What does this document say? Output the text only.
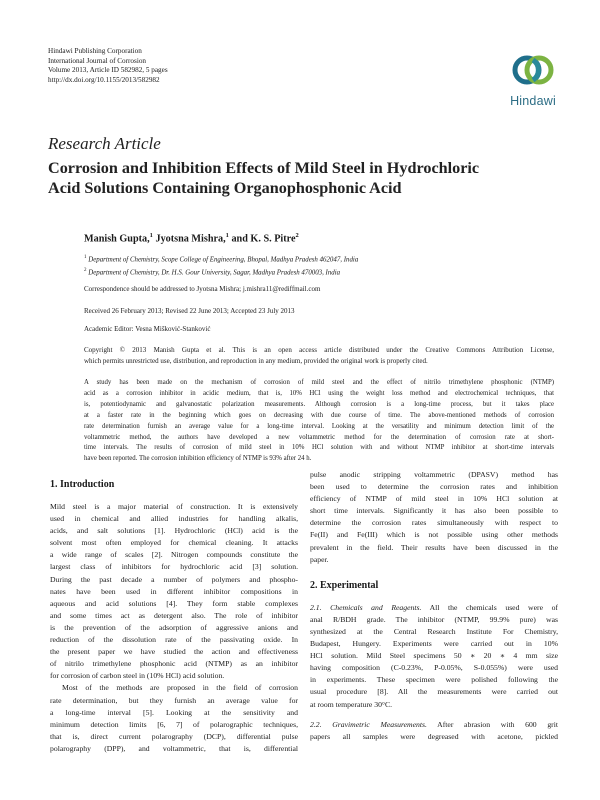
Hindawi Publishing Corporation
International Journal of Corrosion
Volume 2013, Article ID 582982, 5 pages
http://dx.doi.org/10.1155/2013/582982
Hindawi
Research Article
Corrosion and Inhibition Effects of Mild Steel in Hydrochloric
Acid Solutions Containing Organophosphonic Acid
Manish Gupta,$^1$ Jyotsna Mishra,$^1$ and K. S. Pitre$^2$
$^1$ Department of Chemistry, Scope College of Engineering, Bhopal, Madhya Pradesh 462047, India
$^2$ Department of Chemistry, Dr. H.S. Gour University, Sagar, Madhya Pradesh 470003, India
Correspondence should be addressed to Jyotsna Mishra; j.mishra11@rediffmail.com
Received 26 February 2013; Revised 22 June 2013; Accepted 23 July 2013
Academic Editor: Vesna Mišković-Stanković
Copyright © 2013 Manish Gupta et al. This is an open access article distributed under the Creative Commons Attribution License,
which permits unrestricted use, distribution, and reproduction in any medium, provided the original work is properly cited.
A study has been made on the mechanism of corrosion of mild steel and the effect of nitrilo trimethylene phosphonic (NTMP)
acid as a corrosion inhibitor in acidic medium, that is, 10% HCl using the weight loss method and electrochemical techniques, that
is, potentiodynamic and galvanostatic polarization measurements. Although corrosion is a long-time process, but it takes place
at a faster rate in the beginning which goes on decreasing with due course of time. The above-mentioned methods of corrosion
rate determination furnish an average value for a long-time interval. Looking at the versatility and minimum detection limit of the
voltammetric method, the authors have developed a new voltammetric method for the determination of corrosion rate at short-
time intervals. The results of corrosion of mild steel in 10% HCl solution with and without NTMP inhibitor at short-time intervals
have been reported. The corrosion inhibition efficiency of NTMP is 93% after 24 h.
1. Introduction
Mild steel is a major material of construction. It is extensively
used in chemical and allied industries for handling alkalis,
acids, and salt solutions [1]. Hydrochloric (HCl) acid is the
solvent most often employed for chemical cleaning. It attacks
a wide range of scales [2]. Nitrogen compounds constitute the
largest class of inhibitors for hydrochloric acid [3] solution.
During the past decade a number of polymers and phospho-
nates have been used in different inhibitor compositions in
aqueous and acid solutions [4]. They form stable complexes
and some times act as detergent also. The role of inhibitor
is the prevention of the adsorption of aggressive anions and
reduction of the dissolution rate of the passivating oxide. In
the present paper we have studied the action and effectiveness
of nitrilo trimethylene phosphonic acid (NTMP) as an inhibitor
for corrosion of carbon steel in (10% HCl) acid solution.
Most of the methods are proposed in the field of corrosion
rate determination, but they furnish an average value for
a long-time interval [5]. Looking at the sensitivity and
minimum detection limits [6, 7] of polarographic techniques,
that is, direct current polarography (DCP), differential pulse
polarography (DPP), and voltammetric, that is, differential
pulse anodic stripping voltammetric (DPASV) method has
been used to determine the corrosion rates and inhibition
efficiency of NTMP of mild steel in 10% HCl solution at
short time intervals. Significantly it has also been possible to
determine the corrosion rates simultaneously with respect to
Fe(II) and Fe(III) which is not possible using other methods
prevalent in the field. Their results have been discussed in the
paper.
2. Experimental
2.1. Chemicals and Reagents. All the chemicals used were of
anal R/BDH grade. The inhibitor (NTMP, 99.9% pure) was
synthesized at the Central Research Institute For Chemistry,
Budapest, Hungery. Experiments were carried out in 10%
HCl solution. Mild Steel specimens 50 ∗ 20 ∗ 4 mm size
having composition (C-0.23%, P-0.05%, S-0.055%) were used
in experiments. These specimen were polished following the
usual procedure [8]. All the measurements were carried out
at room temperature 30°C.
2.2. Gravimetric Measurements. After abrasion with 600 grit
papers all samples were degreased with acetone, pickled
